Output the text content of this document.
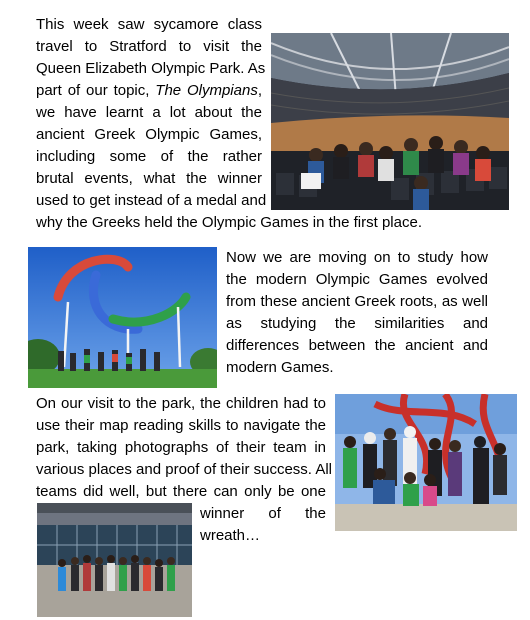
This week saw sycamore class
travel to Stratford to visit the
Queen Elizabeth Olympic Park. As
part of our topic, The Olympians,
we have learnt a lot about the
ancient Greek Olympic Games,
including some of the rather
brutal events, what the winner
used to get instead of a medal and
why the Greeks held the Olympic Games in the first place.
Now we are moving on to study how
the modern Olympic Games evolved
from these ancient Greek roots, as well
as studying the similarities and
differences between the ancient and
modern Games.
On our visit to the park, the children had to
use their map reading skills to navigate the
park, taking photographs of their team in
various places and proof of their success. All
teams did well, but there can only be one
winner of the
wreath…
